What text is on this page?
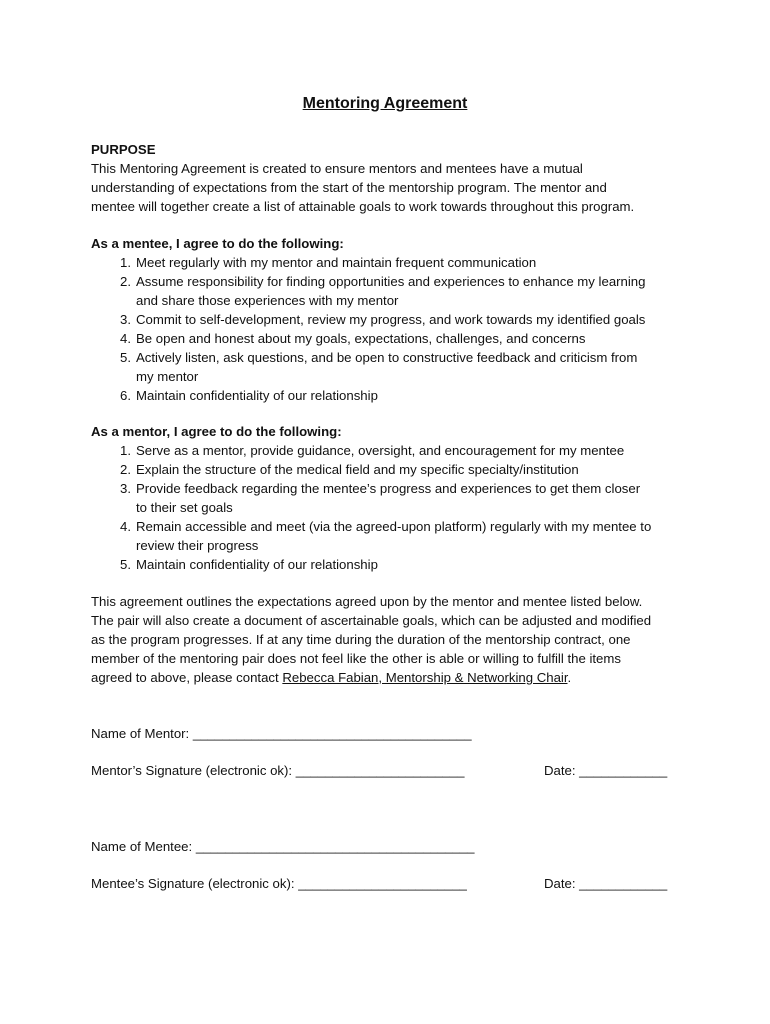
Mentoring Agreement

PURPOSE

This Mentoring Agreement is created to ensure mentors and mentees have a mutual

understanding of expectations from the start of the mentorship program. The mentor and

mentee will together create a list of attainable goals to work towards throughout this program.

As a mentee, I agree to do the following:

1. Meet regularly with my mentor and maintain frequent communication
2. Assume responsibility for finding opportunities and experiences to enhance my learning
and share those experiences with my mentor
3. Commit to self-development, review my progress, and work towards my identified goals
4. Be open and honest about my goals, expectations, challenges, and concerns
5. Actively listen, ask questions, and be open to constructive feedback and criticism from
my mentor
6. Maintain confidentiality of our relationship

As a mentor, I agree to do the following:

1. Serve as a mentor, provide guidance, oversight, and encouragement for my mentee
2. Explain the structure of the medical field and my specific specialty/institution
3. Provide feedback regarding the mentee’s progress and experiences to get them closer
to their set goals
4. Remain accessible and meet (via the agreed-upon platform) regularly with my mentee to
review their progress
5. Maintain confidentiality of our relationship

This agreement outlines the expectations agreed upon by the mentor and mentee listed below.

The pair will also create a document of ascertainable goals, which can be adjusted and modified

as the program progresses. If at any time during the duration of the mentorship contract, one

member of the mentoring pair does not feel like the other is able or willing to fulfill the items

agreed to above, please contact Rebecca Fabian, Mentorship & Networking Chair.

Name of Mentor: ______________________________________
Mentor’s Signature (electronic ok): _______________________	Date: ____________
Name of Mentee: ______________________________________
Mentee’s Signature (electronic ok): _______________________	Date: ____________
